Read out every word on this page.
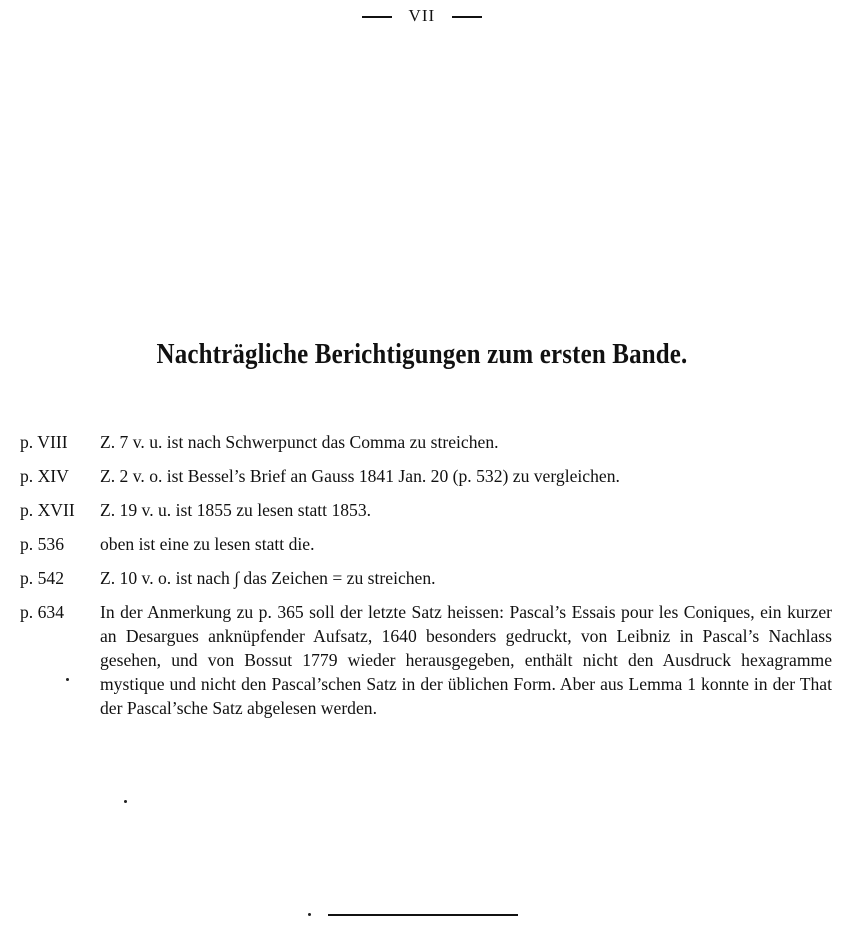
VII
Nachträgliche Berichtigungen zum ersten Bande.
p. VIII	Z. 7 v. u. ist nach Schwerpunct das Comma zu streichen.
p. XIV	Z. 2 v. o. ist Bessel’s Brief an Gauss 1841 Jan. 20 (p. 532) zu vergleichen.
p. XVII	Z. 19 v. u. ist 1855 zu lesen statt 1853.
p. 536	oben ist eine zu lesen statt die.
p. 542	Z. 10 v. o. ist nach ∫ das Zeichen = zu streichen.
p. 634	In der Anmerkung zu p. 365 soll der letzte Satz heissen: Pascal’s Essais pour les Coniques, ein kurzer an Desargues anknüpfender Aufsatz, 1640 besonders gedruckt, von Leibniz in Pascal’s Nachlass gesehen, und von Bossut 1779 wieder herausgegeben, enthält nicht den Ausdruck hexagramme mystique und nicht den Pascal’schen Satz in der üblichen Form. Aber aus Lemma 1 konnte in der That der Pascal’sche Satz abgelesen werden.
